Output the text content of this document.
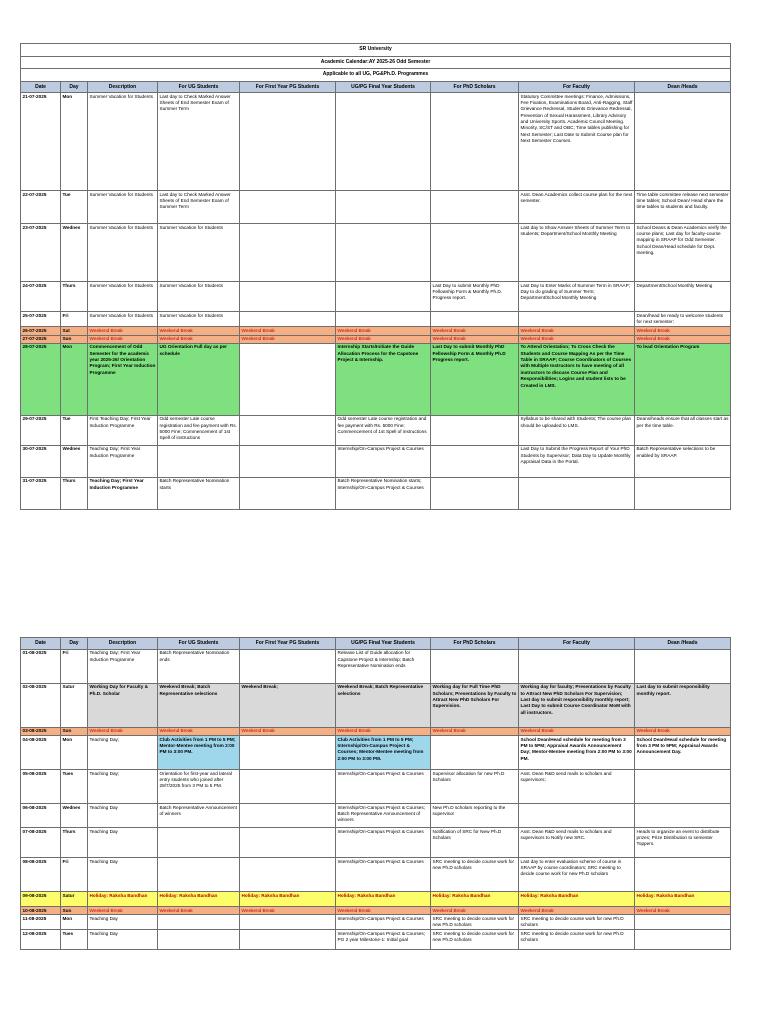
SR University								
Academic Calendar:AY 2025-26 Odd Semester								
Applicable to all UG, PG&Ph.D. Programmes								
Date	Day	Description	For UG Students	For First Year PG Students	UG/PG Final Year Students	For PhD Scholars	For Faculty	Dean /Heads
21-07-2025	Mon	Summer Vacation for Students	Last day to Check Marked Answer Sheets of End Semester Exam of Summer Term				Statutory Committee meetings: Finance, Admissions, Fee Fixation, Examinations Board, Anti-Ragging, Staff Grievance Redressal, Students Grievance Redressal, Prevention of Sexual Harassment, Library Advisory and University Sports. Academic Council Meeting. Minority, SC/ST and OBC; Time tables publishing for Next Semester; Last Date to Submit Course plan for Next Semester Courses.	
22-07-2025	Tue	Summer Vacation for Students	Last day to Check Marked Answer Sheets of End Semester Exam of Summer Term				Asst. Dean Academics collect course plan for the next semester.	Time table committee release next semester time tables; School Dean/ Head share the time tables to students and faculty.
23-07-2025	Wednes	Summer Vacation for Students	Summer Vacation for Students				Last day to Show Answer Sheets of Summer Term to students; Department/School Monthly Meeting	School Deans & Dean Academics verify the course plans; Last day for faculty-course mapping in SRAAP for Odd Semester. School Dean/Head schedule for Dept. meeting.
24-07-2025	Thurs	Summer Vacation for Students	Summer Vacation for Students			Last Day to submit Monthly PhD Fellowship Form & Monthly Ph.D. Progress report.	Last Day to Enter Marks of Summer Term in SRAAP; Day to do grading of Summer Term; Department/School Monthly Meeting	Department/School Monthly Meeting
25-07-2025	Fri	Summer Vacation for Students	Summer Vacation for Students					Dean/head be ready to welcome students for next semester;
26-07-2025	Sat	Weekend Break	Weekend Break	Weekend Break	Weekend Break	Weekend Break	Weekend Break	Weekend Break
27-07-2025	Sun	Weekend Break	Weekend Break	Weekend Break	Weekend Break	Weekend Break	Weekend Break	Weekend Break
28-07-2025	Mon	Commencement of Odd Semester for the academic year 2025-26/ Orientation Program; First Year Induction Programme	UG Orientation Full day as per schedule		Internship Starts/Initiate the Guide Allocation Process for the Capstone Project & Internship.	Last Day to submit Monthly PhD Fellowship Form & Monthly Ph.D Progress report.	To Attend Orientation; To Cross Check the Students and Course Mapping As per the Time Table in SRAAP; Course Coordinators of Courses with Multiple Instructors to have meeting of all instructors to discuss Course Plan and Responsibilities; Logins and student lists to be Created in LMS.	To lead Orientation Program
29-07-2025	Tue	First Teaching Day; First Year Induction Programme	Odd semester Late course registration and fee payment with Rs. 5000 Fine; Commencement of 1st Spell of instructions		Odd semester Late course registration and fee payment with Rs. 5000 Fine; Commencement of 1st Spell of instructions		Syllabus to be shared with Students; The course plan should be uploaded to LMS.	Deans/heads ensure that all classes start as per the time table.
30-07-2025	Wednes	Teaching Day; First Year Induction Programme			Internship/On-Campus Project & Courses		Last Day to Submit the Progress Report of Your PhD Students by Supervisor; Data Day to Update Monthly Appraisal Data in the Portal.	Batch Representative selections to be enabled by SRAAP.
31-07-2025	Thurs	Teaching Day; First Year Induction Programme	Batch Representative Nomination starts		Batch Representative Nomination starts; Internship/On-Campus Project & Courses			
Date	Day	Description	For UG Students	For First Year PG Students	UG/PG Final Year Students	For PhD Scholars	For Faculty	Dean /Heads
01-08-2025	Fri	Teaching Day; First Year Induction Programme	Batch Representative Nomination ends		Release List of Guide allocation for Capstone Project & Internship; Batch Representative Nomination ends			
02-08-2025	Satur	Working Day for Faculty & Ph.D. Scholar	Weekend Break; Batch Representative selections	Weekend Break;	Weekend Break; Batch Representative selections	Working day for Full Time PhD Scholars; Presentations by Faculty to Attract New PhD Scholars For Supervision.	Working day for faculty; Presentations by Faculty to Attract New PhD Scholars For Supervision; Last day to submit responsibility monthly report; Last Day to submit Course Coordinator MoM with all instructors.	Last day to submit responsibility monthly report.
03-08-2025	Sun	Weekend Break	Weekend Break	Weekend Break	Weekend Break	Weekend Break	Weekend Break	Weekend Break
04-08-2025	Mon	Teaching Day;	Club Activities from 1 PM to 5 PM; Mentor-Mentee meeting from 2:00 PM to 3:00 PM.		Club Activities from 1 PM to 5 PM; Internship/On-Campus Project & Courses; Mentor-Mentee meeting from 2:00 PM to 3:00 PM.		School Dean/Head schedule for meeting from 3 PM to 5PM; Appraisal Awards Announcement Day; Mentor-Mentee meeting from 2:00 PM to 3:00 PM.	School Dean/Head schedule for meeting from 3 PM to 5PM; Appraisal Awards Announcement Day.
05-08-2025	Tues	Teaching Day;	Orientation for first-year and lateral entry students who joined after 28/7/2025 from 3 PM to 5 PM.		Internship/On-Campus Project & Courses	Supervisor allocation for new Ph.D Scholars	Asst. Dean R&D send mails to scholars and supervisors;	
06-08-2025	Wednes	Teaching Day	Batch Representative Announcement of winners		Internship/On-Campus Project & Courses; Batch Representative Announcement of winners	New Ph.D scholars reporting to the supervisor		
07-08-2025	Thurs	Teaching Day			Internship/On-Campus Project & Courses	Notification of SRC for New Ph.D Scholars	Asst. Dean R&D send mails to scholars and supervisors to Notify new SRC.	Heads to organize an event to distribute prizes; Prize Distribution to semester Toppers.
08-08-2025	Fri	Teaching Day			Internship/On-Campus Project & Courses	SRC meeting to decide course work for new Ph.D scholars	Last day to enter evaluation scheme of course in SRAAP by course coordinators; SRC meeting to decide course work for new Ph.D scholars	
09-08-2025	Satur	Holiday: Raksha Bandhan	Holiday: Raksha Bandhan	Holiday: Raksha Bandhan	Holiday: Raksha Bandhan	Holiday: Raksha Bandhan	Holiday: Raksha Bandhan	Holiday: Raksha Bandhan
10-08-2025	Sun	Weekend Break	Weekend Break	Weekend Break	Weekend Break	Weekend Break	Weekend Break	Weekend Break
11-08-2025	Mon	Teaching Day			Internship/On-Campus Project & Courses	SRC meeting to decide course work for new Ph.D scholars	SRC meeting to decide course work for new Ph.D scholars	
12-08-2025	Tues	Teaching Day			Internship/On-Campus Project & Courses; PG 2 year Milestone-1: Initial goal	SRC meeting to decide course work for new Ph.D scholars	SRC meeting to decide course work for new Ph.D scholars	
